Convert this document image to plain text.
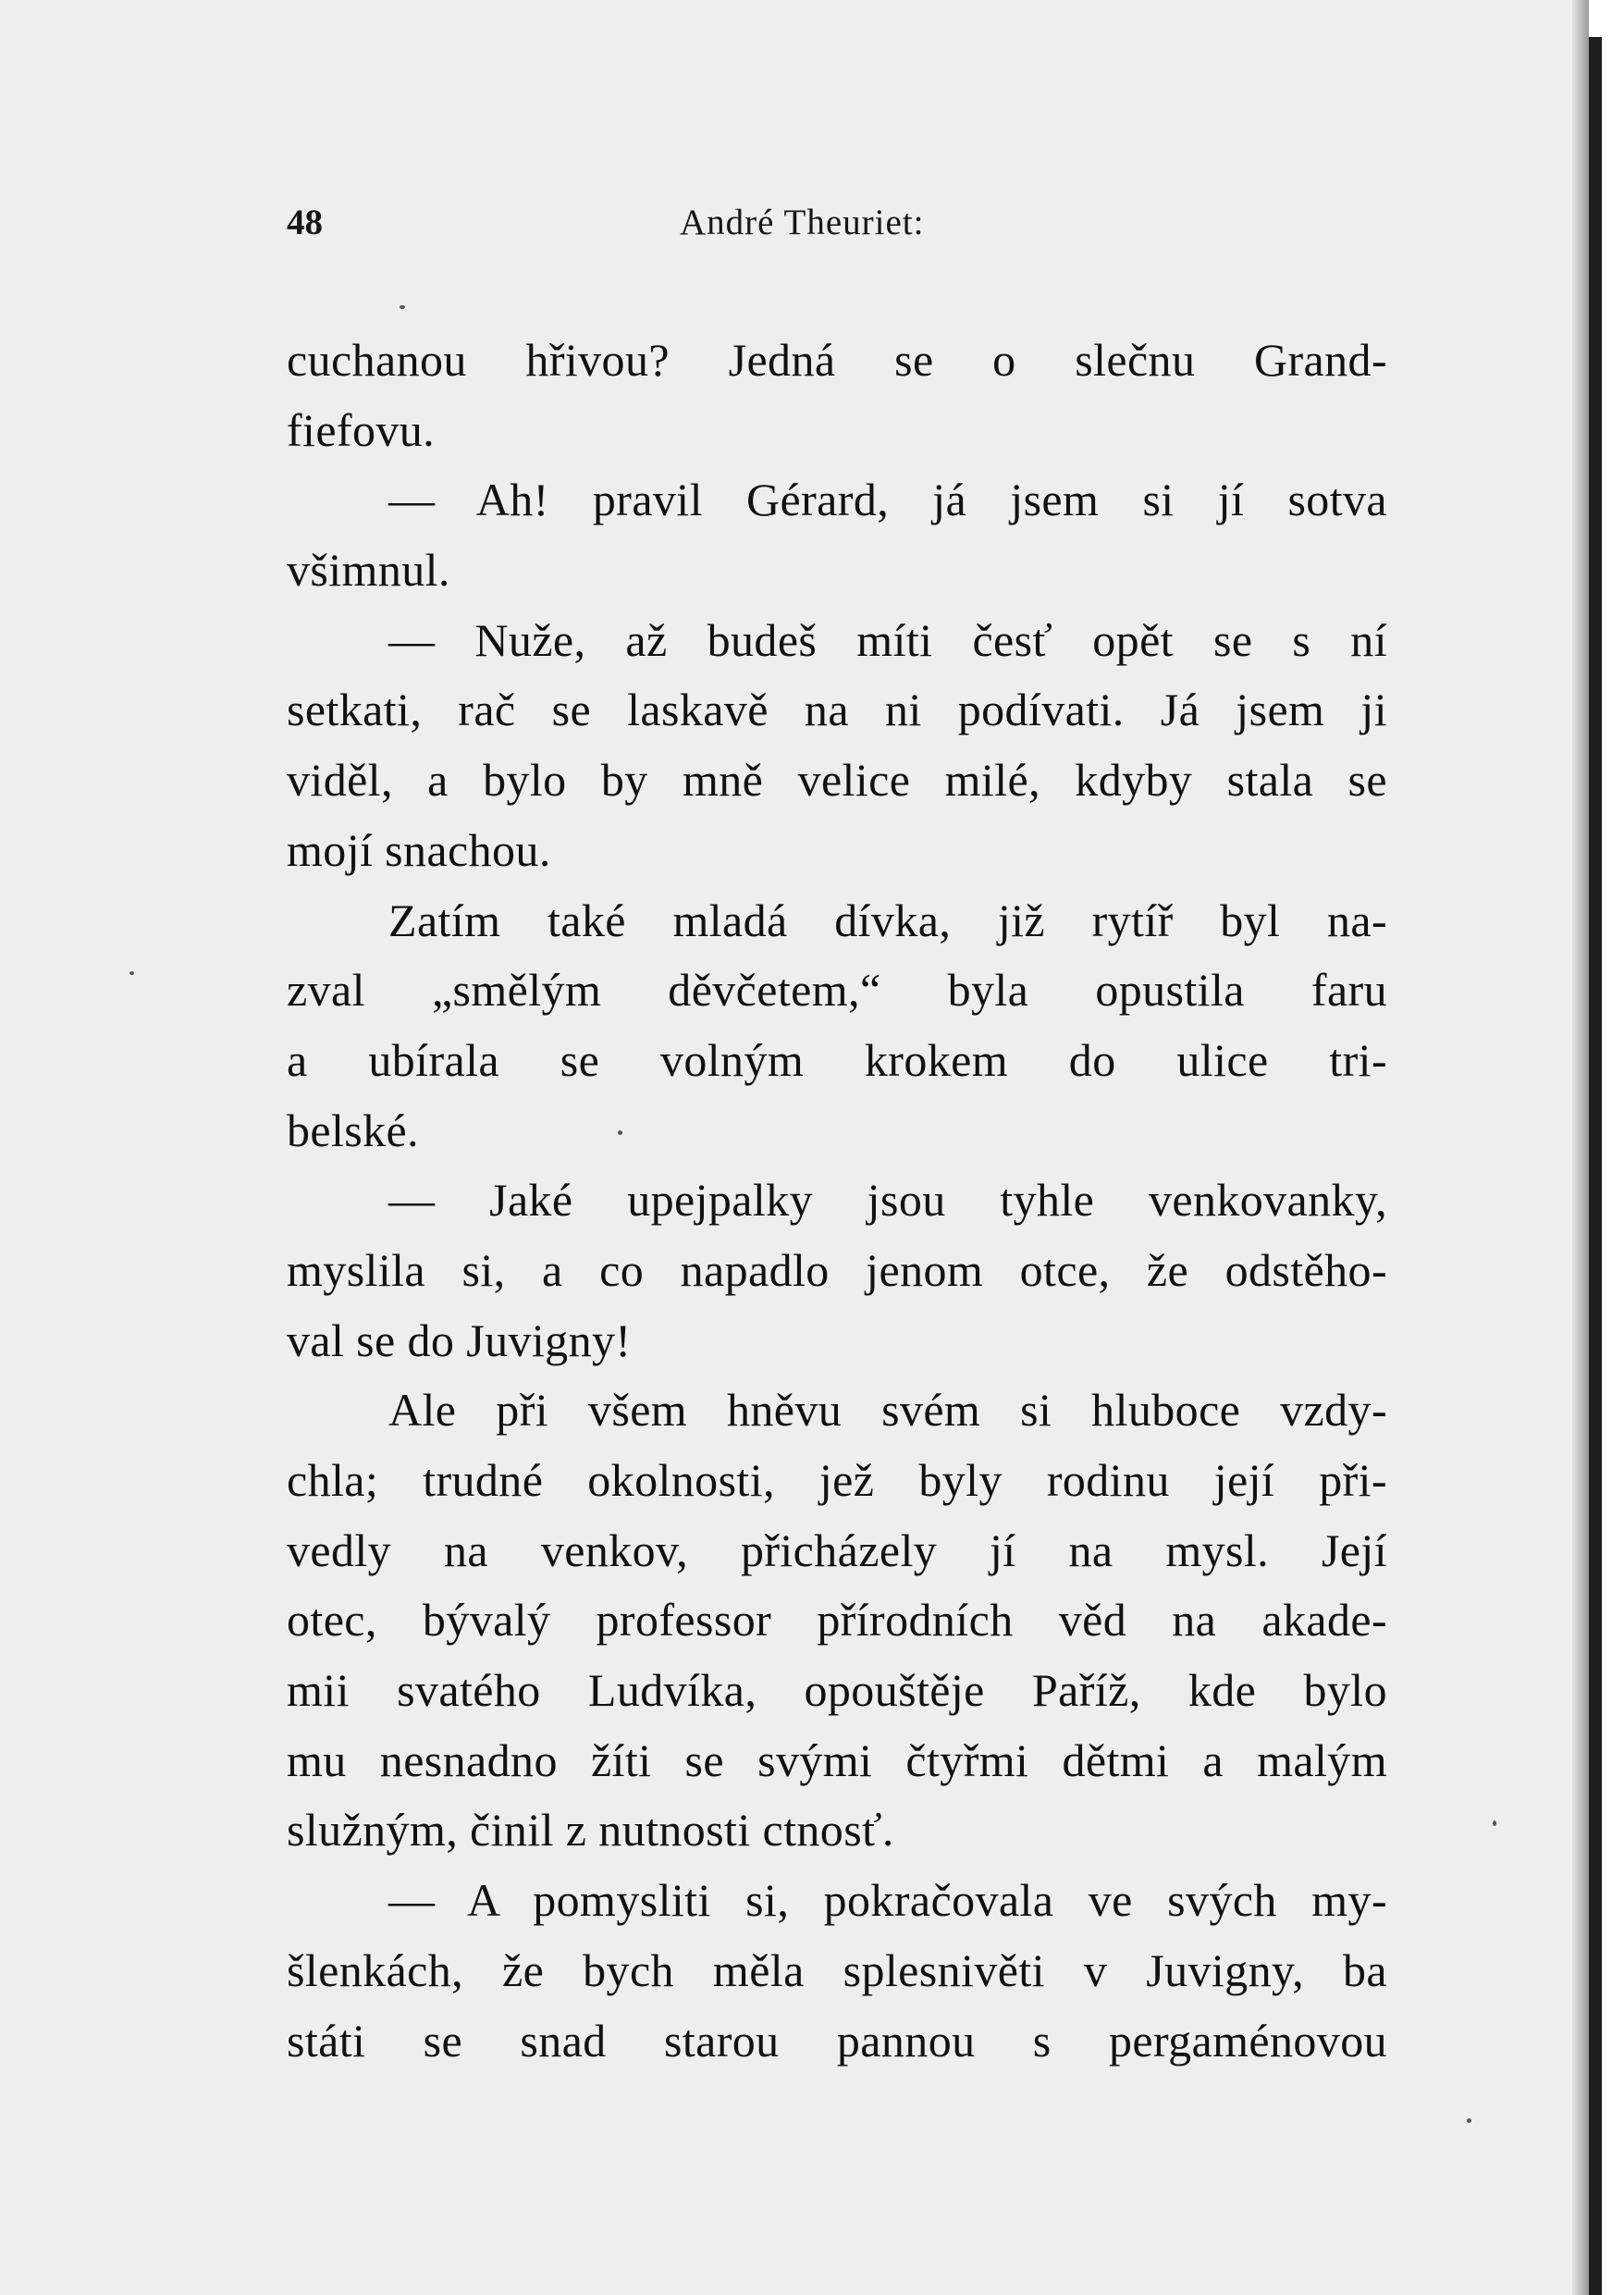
48	André Theuriet:
cuchanou hřivou? Jedná se o slečnu Grand-
fiefovu.
— Ah! pravil Gérard, já jsem si jí sotva
všimnul.
— Nuže, až budeš míti česť opět se s ní
setkati, rač se laskavě na ni podívati. Já jsem ji
viděl, a bylo by mně velice milé, kdyby stala se
mojí snachou.
Zatím také mladá dívka, již rytíř byl na-
zval „smělým děvčetem,“ byla opustila faru
a ubírala se volným krokem do ulice tri-
belské.
— Jaké upejpalky jsou tyhle venkovanky,
myslila si, a co napadlo jenom otce, že odstěho-
val se do Juvigny!
Ale při všem hněvu svém si hluboce vzdy-
chla; trudné okolnosti, jež byly rodinu její při-
vedly na venkov, přicházely jí na mysl. Její
otec, bývalý professor přírodních věd na akade-
mii svatého Ludvíka, opouštěje Paříž, kde bylo
mu nesnadno žíti se svými čtyřmi dětmi a malým
služným, činil z nutnosti ctnosť.
— A pomysliti si, pokračovala ve svých my-
šlenkách, že bych měla splesnivěti v Juvigny, ba
státi se snad starou pannou s pergaménovou
